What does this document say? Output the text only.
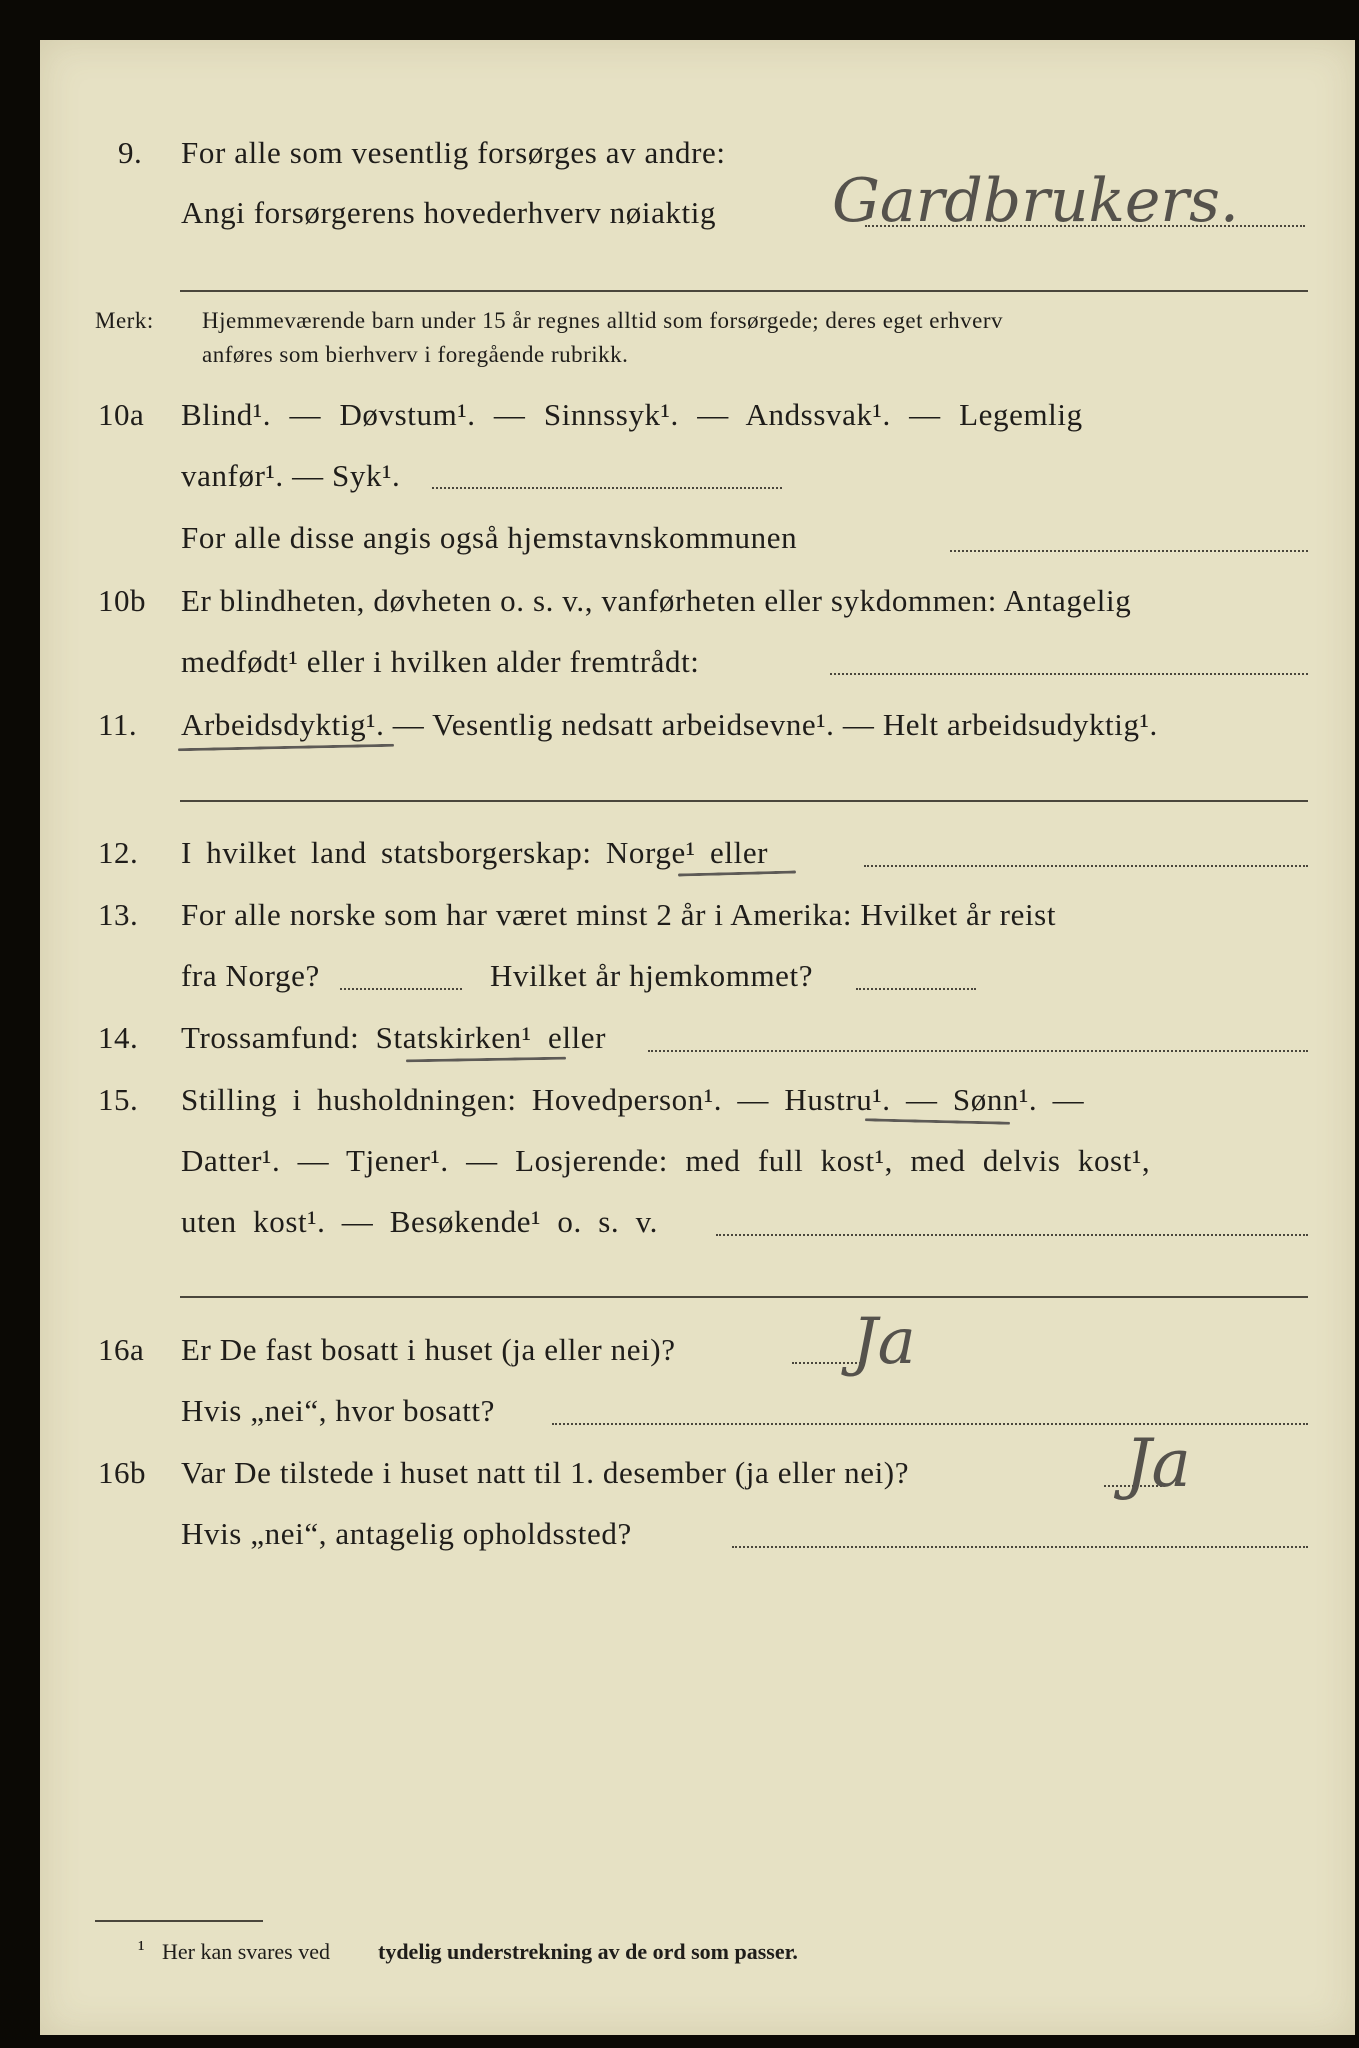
9. For alle som vesentlig forsørges av andre:
Angi forsørgerens hovederhverv nøiaktig Gardbrukers.
Merk: Hjemmeværende barn under 15 år regnes alltid som forsørgede; deres eget erhverv
anføres som bierhverv i foregående rubrikk.
10a Blind¹. — Døvstum¹. — Sinnssyk¹. — Andssvak¹. — Legemlig
vanfør¹. — Syk¹.
For alle disse angis også hjemstavnskommunen
10b Er blindheten, døvheten o. s. v., vanførheten eller sykdommen: Antagelig
medfødt¹ eller i hvilken alder fremtrådt:
11. Arbeidsdyktig¹. — Vesentlig nedsatt arbeidsevne¹. — Helt arbeidsudyktig¹.
12. I hvilket land statsborgerskap: Norge¹ eller
13. For alle norske som har været minst 2 år i Amerika: Hvilket år reist
fra Norge?	Hvilket år hjemkommet?
14. Trossamfund: Statskirken¹ eller
15. Stilling i husholdningen: Hovedperson¹. — Hustru¹. — Sønn¹. —
Datter¹. — Tjener¹. — Losjerende: med full kost¹, med delvis kost¹,
uten kost¹. — Besøkende¹ o. s. v.
16a Er De fast bosatt i huset (ja eller nei)?	Ja
Hvis „nei“, hvor bosatt?
16b Var De tilstede i huset natt til 1. desember (ja eller nei)?	Ja
Hvis „nei“, antagelig opholdssted?
¹ Her kan svares ved tydelig understrekning av de ord som passer.
